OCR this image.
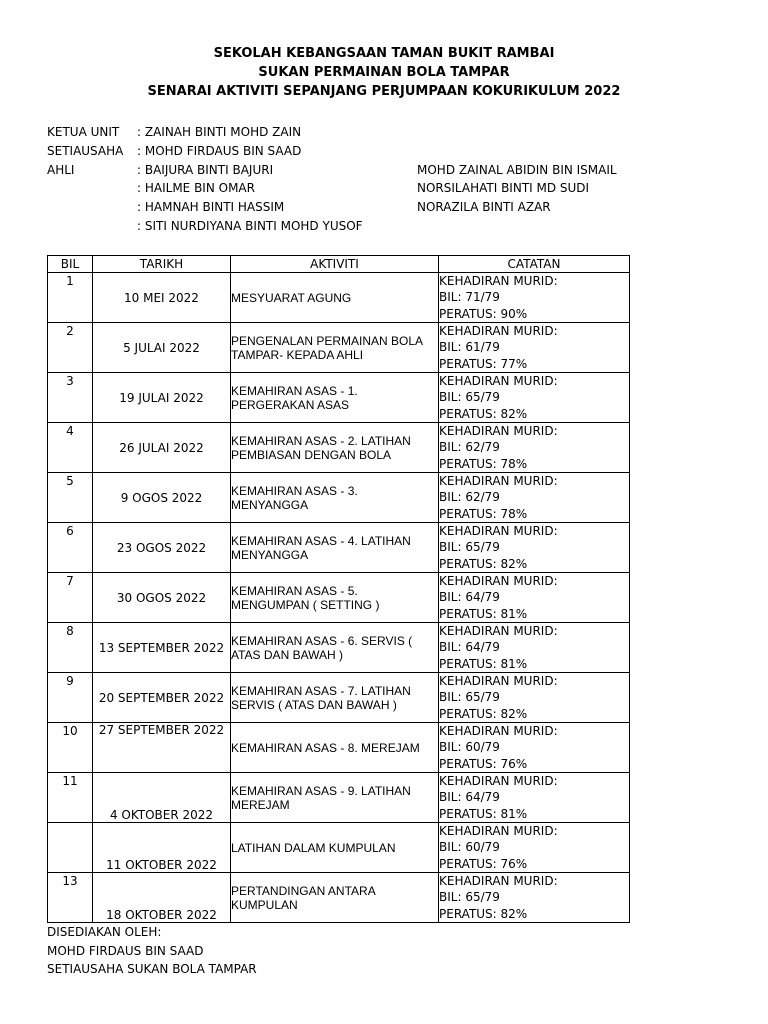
SEKOLAH KEBANGSAAN TAMAN BUKIT RAMBAI
SUKAN PERMAINAN BOLA TAMPAR
SENARAI AKTIVITI SEPANJANG PERJUMPAAN KOKURIKULUM 2022
KETUA UNIT : ZAINAH BINTI MOHD ZAIN
SETIAUSAHA : MOHD FIRDAUS BIN SAAD
AHLI	: BAIJURA BINTI BAJURI	MOHD ZAINAL ABIDIN BIN ISMAIL
: HAILME BIN OMAR	NORSILAHATI BINTI MD SUDI
: HAMNAH BINTI HASSIM	NORAZILA BINTI AZAR
: SITI NURDIYANA BINTI MOHD YUSOF
BIL	TARIKH	AKTIVITI	CATATAN
1	10 MEI 2022	MESYUARAT AGUNG	KEHADIRAN MURID:
BIL: 71/79
PERATUS: 90%

2	5 JULAI 2022	PENGENALAN PERMAINAN BOLA TAMPAR- KEPADA AHLI	KEHADIRAN MURID:
BIL: 61/79
PERATUS: 77%

3	19 JULAI 2022	KEMAHIRAN ASAS - 1. PERGERAKAN ASAS	KEHADIRAN MURID:
BIL: 65/79
PERATUS: 82%

4	26 JULAI 2022	KEMAHIRAN ASAS - 2. LATIHAN PEMBIASAN DENGAN BOLA	KEHADIRAN MURID:
BIL: 62/79
PERATUS: 78%

5	9 OGOS 2022	KEMAHIRAN ASAS - 3. MENYANGGA	KEHADIRAN MURID:
BIL: 62/79
PERATUS: 78%

6	23 OGOS 2022	KEMAHIRAN ASAS - 4. LATIHAN MENYANGGA	KEHADIRAN MURID:
BIL: 65/79
PERATUS: 82%

7	30 OGOS 2022	KEMAHIRAN ASAS - 5. MENGUMPAN ( SETTING )	KEHADIRAN MURID:
BIL: 64/79
PERATUS: 81%

8	13 SEPTEMBER 2022	KEMAHIRAN ASAS - 6. SERVIS ( ATAS DAN BAWAH )	KEHADIRAN MURID:
BIL: 64/79
PERATUS: 81%

9	20 SEPTEMBER 2022	KEMAHIRAN ASAS - 7. LATIHAN SERVIS ( ATAS DAN BAWAH )	KEHADIRAN MURID:
BIL: 65/79
PERATUS: 82%

10	27 SEPTEMBER 2022	KEMAHIRAN ASAS - 8. MEREJAM	KEHADIRAN MURID:
BIL: 60/79
PERATUS: 76%

11	4 OKTOBER 2022	KEMAHIRAN ASAS - 9. LATIHAN MEREJAM	KEHADIRAN MURID:
BIL: 64/79
PERATUS: 81%

	11 OKTOBER 2022	LATIHAN DALAM KUMPULAN	KEHADIRAN MURID:
BIL: 60/79
PERATUS: 76%

13	18 OKTOBER 2022	PERTANDINGAN ANTARA KUMPULAN	KEHADIRAN MURID:
BIL: 65/79
PERATUS: 82%
DISEDIAKAN OLEH:
MOHD FIRDAUS BIN SAAD
SETIAUSAHA SUKAN BOLA TAMPAR
